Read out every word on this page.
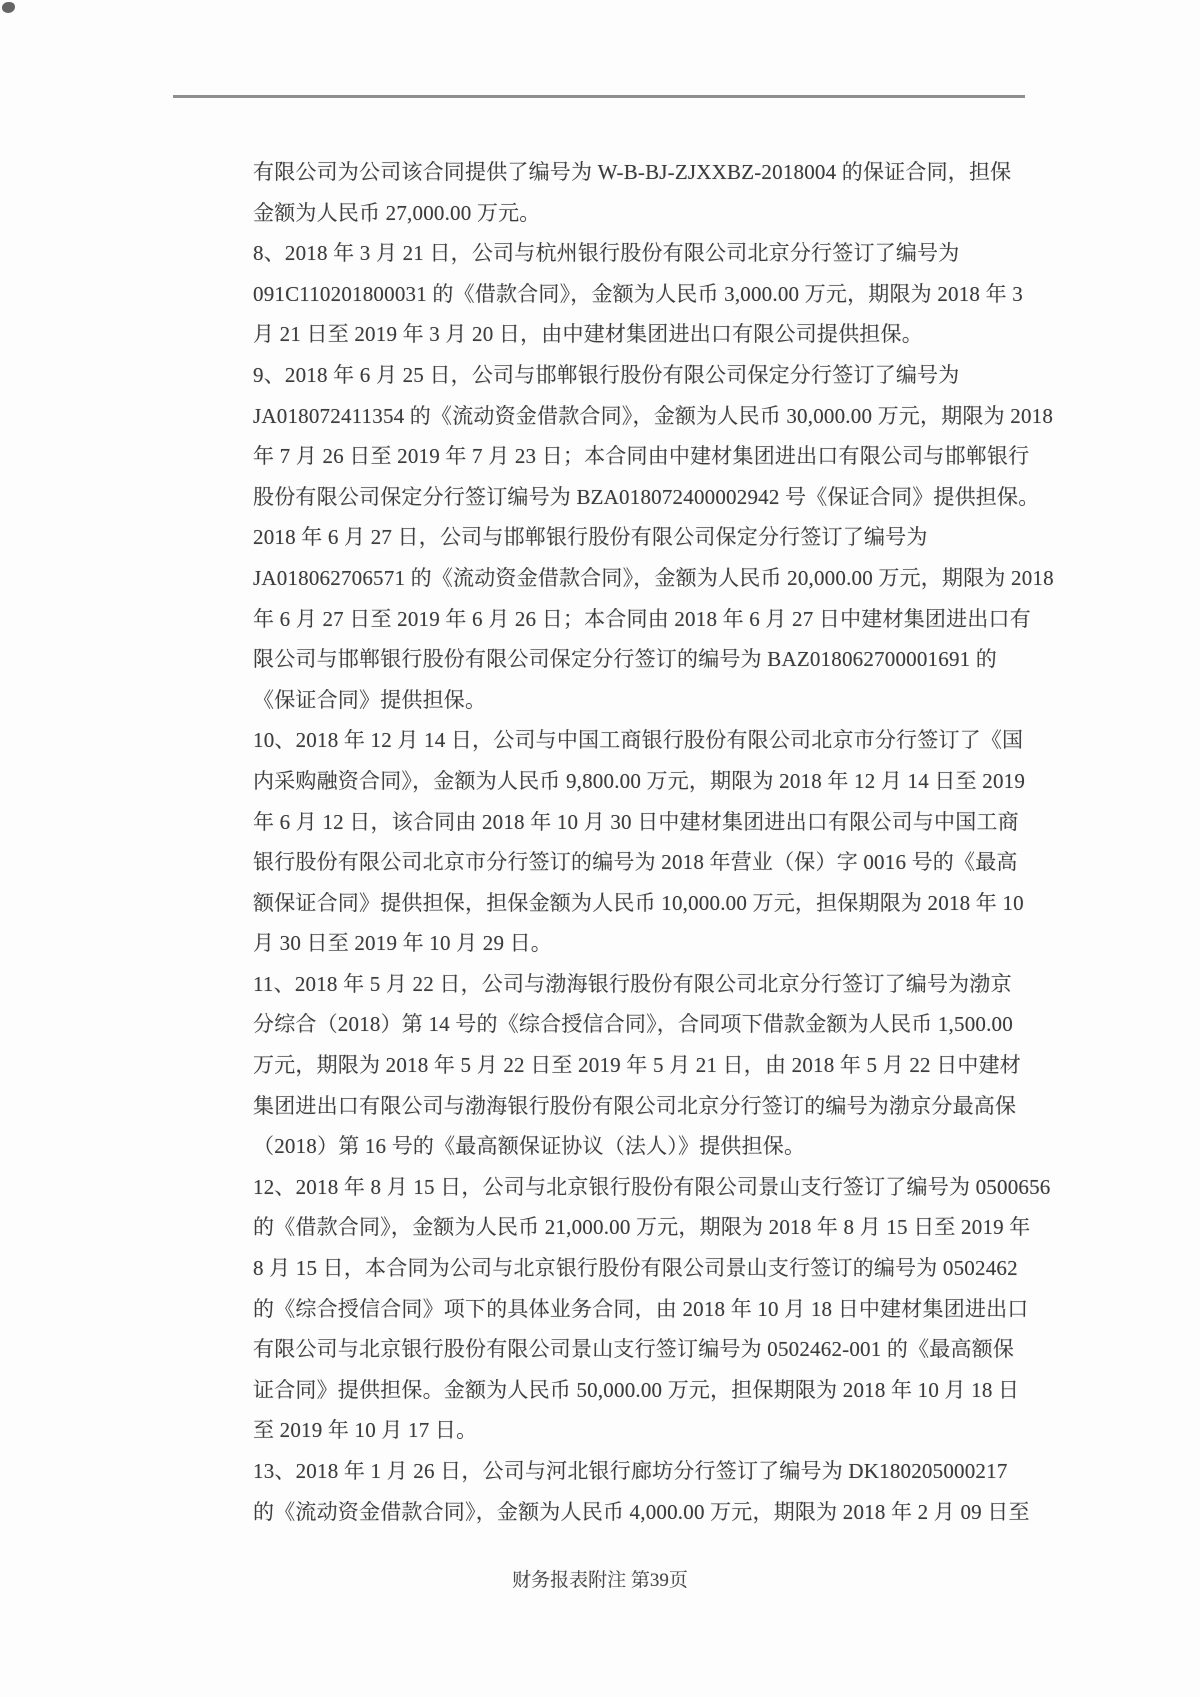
有限公司为公司该合同提供了编号为 W-B-BJ-ZJXXBZ-2018004 的保证合同，担保
金额为人民币 27,000.00 万元。
8、2018 年 3 月 21 日，公司与杭州银行股份有限公司北京分行签订了编号为
091C110201800031 的《借款合同》，金额为人民币 3,000.00 万元，期限为 2018 年 3
月 21 日至 2019 年 3 月 20 日，由中建材集团进出口有限公司提供担保。
9、2018 年 6 月 25 日，公司与邯郸银行股份有限公司保定分行签订了编号为
JA018072411354 的《流动资金借款合同》，金额为人民币 30,000.00 万元，期限为 2018
年 7 月 26 日至 2019 年 7 月 23 日；本合同由中建材集团进出口有限公司与邯郸银行
股份有限公司保定分行签订编号为 BZA018072400002942 号《保证合同》提供担保。
2018 年 6 月 27 日，公司与邯郸银行股份有限公司保定分行签订了编号为
JA018062706571 的《流动资金借款合同》，金额为人民币 20,000.00 万元，期限为 2018
年 6 月 27 日至 2019 年 6 月 26 日；本合同由 2018 年 6 月 27 日中建材集团进出口有
限公司与邯郸银行股份有限公司保定分行签订的编号为 BAZ018062700001691 的
《保证合同》提供担保。
10、2018 年 12 月 14 日，公司与中国工商银行股份有限公司北京市分行签订了《国
内采购融资合同》，金额为人民币 9,800.00 万元，期限为 2018 年 12 月 14 日至 2019
年 6 月 12 日，该合同由 2018 年 10 月 30 日中建材集团进出口有限公司与中国工商
银行股份有限公司北京市分行签订的编号为 2018 年营业（保）字 0016 号的《最高
额保证合同》提供担保，担保金额为人民币 10,000.00 万元，担保期限为 2018 年 10
月 30 日至 2019 年 10 月 29 日。
11、2018 年 5 月 22 日，公司与渤海银行股份有限公司北京分行签订了编号为渤京
分综合（2018）第 14 号的《综合授信合同》，合同项下借款金额为人民币 1,500.00
万元，期限为 2018 年 5 月 22 日至 2019 年 5 月 21 日，由 2018 年 5 月 22 日中建材
集团进出口有限公司与渤海银行股份有限公司北京分行签订的编号为渤京分最高保
（2018）第 16 号的《最高额保证协议（法人）》提供担保。
12、2018 年 8 月 15 日，公司与北京银行股份有限公司景山支行签订了编号为 0500656
的《借款合同》，金额为人民币 21,000.00 万元，期限为 2018 年 8 月 15 日至 2019 年
8 月 15 日，本合同为公司与北京银行股份有限公司景山支行签订的编号为 0502462
的《综合授信合同》项下的具体业务合同，由 2018 年 10 月 18 日中建材集团进出口
有限公司与北京银行股份有限公司景山支行签订编号为 0502462-001 的《最高额保
证合同》提供担保。金额为人民币 50,000.00 万元，担保期限为 2018 年 10 月 18 日
至 2019 年 10 月 17 日。
13、2018 年 1 月 26 日，公司与河北银行廊坊分行签订了编号为 DK180205000217
的《流动资金借款合同》，金额为人民币 4,000.00 万元，期限为 2018 年 2 月 09 日至
财务报表附注 第39页
